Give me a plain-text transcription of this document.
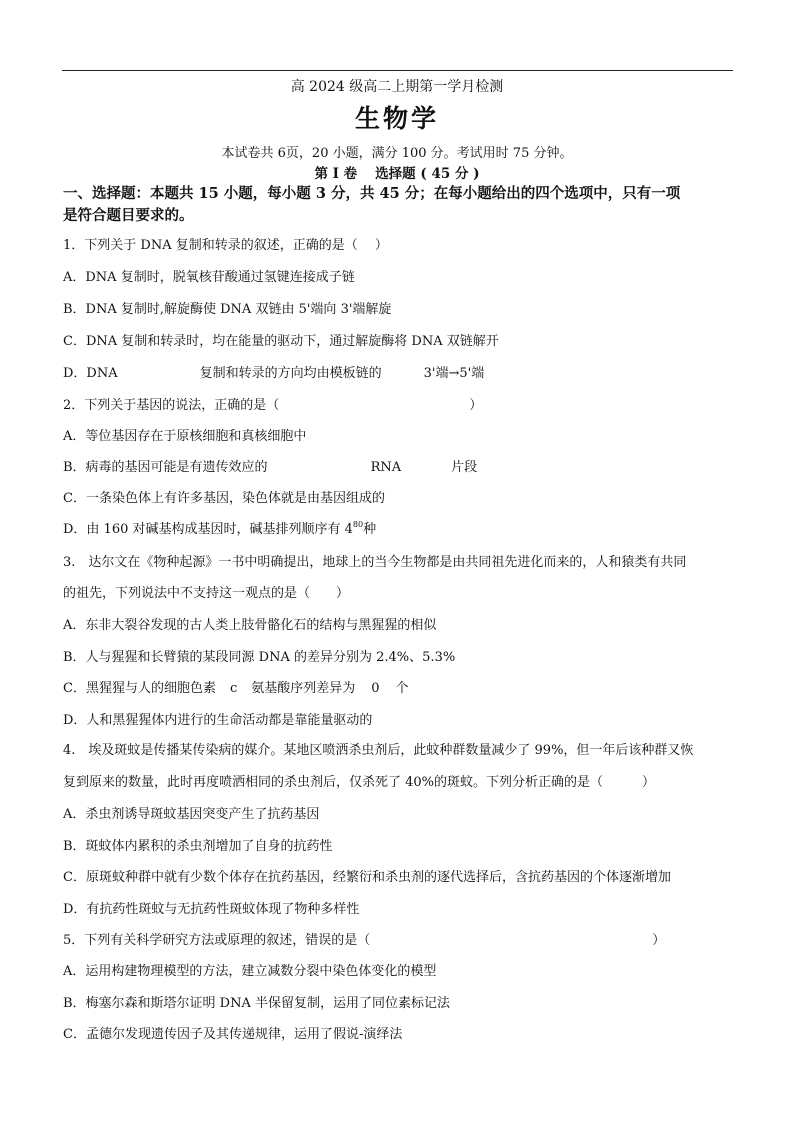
高 2024 级高二上期第一学月检测
生物学
本试卷共 6页，20 小题，满分 100 分。考试用时 75 分钟。
第 I 卷 选择题 ( 45 分 )
一、选择题：本题共 15 小题，每小题 3 分，共 45 分；在每小题给出的四个选项中，只有一项
是符合题目要求的。
1．下列关于 DNA 复制和转录的叙述，正确的是（　 ）
A．DNA 复制时，脱氧核苷酸通过氢键连接成子链
B．DNA 复制时,解旋酶使 DNA 双链由 5'端向 3'端解旋
C．DNA 复制和转录时，均在能量的驱动下，通过解旋酶将 DNA 双链解开
D．DNA	复制和转录的方向均由模板链的	3'端→5'端
2．下列关于基因的说法，正确的是（	）
A．等位基因存在于原核细胞和真核细胞中
B．病毒的基因可能是有遗传效应的	RNA	片段
C．一条染色体上有许多基因，染色体就是由基因组成的
D．由 160 对碱基构成基因时，碱基排列顺序有 $4^{80}$种
3.　达尔文在《物种起源》一书中明确提出，地球上的当今生物都是由共同祖先进化而来的，人和猿类有共同
的祖先，下列说法中不支持这一观点的是（　　）
A．东非大裂谷发现的古人类上肢骨骼化石的结构与黑猩猩的相似
B．人与猩猩和长臂猿的某段同源 DNA 的差异分别为 2.4%、5.3%
C．黑猩猩与人的细胞色素 c 氨基酸序列差异为 0 个
D．人和黑猩猩体内进行的生命活动都是靠能量驱动的
4.　埃及斑蚊是传播某传染病的媒介。某地区喷洒杀虫剂后，此蚊种群数量减少了 99%，但一年后该种群又恢
复到原来的数量，此时再度喷洒相同的杀虫剂后，仅杀死了 40%的斑蚊。下列分析正确的是（　　　）
A．杀虫剂诱导斑蚊基因突变产生了抗药基因
B．斑蚊体内累积的杀虫剂增加了自身的抗药性
C．原斑蚊种群中就有少数个体存在抗药基因，经繁衍和杀虫剂的逐代选择后，含抗药基因的个体逐渐增加
D．有抗药性斑蚊与无抗药性斑蚊体现了物种多样性
5．下列有关科学研究方法或原理的叙述，错误的是（	）
A．运用构建物理模型的方法，建立减数分裂中染色体变化的模型
B．梅塞尔森和斯塔尔证明 DNA 半保留复制，运用了同位素标记法
C．孟德尔发现遗传因子及其传递规律，运用了假说-演绎法
